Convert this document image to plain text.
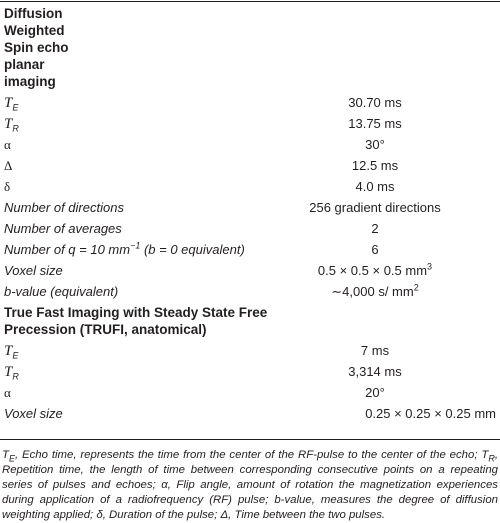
Diffusion Weighted Spin echo planar imaging	
$T_E$	30.70 ms
$T_R$	13.75 ms
α	30°
Δ	12.5 ms
δ	4.0 ms
Number of directions	256 gradient directions
Number of averages	2
Number of q = 10 $mm^{-1}$ (b = 0 equivalent)	6
Voxel size	0.5 × 0.5 × 0.5 $mm^3$
b-value (equivalent)	∼4,000 s/ $mm^2$
True Fast Imaging with Steady State Free Precession (TRUFI, anatomical)	
$T_E$	7 ms
$T_R$	3,314 ms
α	20°
Voxel size	0.25 × 0.25 × 0.25 mm
$T_E$, Echo time, represents the time from the center of the RF-pulse to the center of the echo; $T_R$, Repetition time, the length of time between corresponding consecutive points on a repeating series of pulses and echoes; α, Flip angle, amount of rotation the magnetization experiences during application of a radiofrequency (RF) pulse; b-value, measures the degree of diffusion weighting applied; δ, Duration of the pulse; Δ, Time between the two pulses.
